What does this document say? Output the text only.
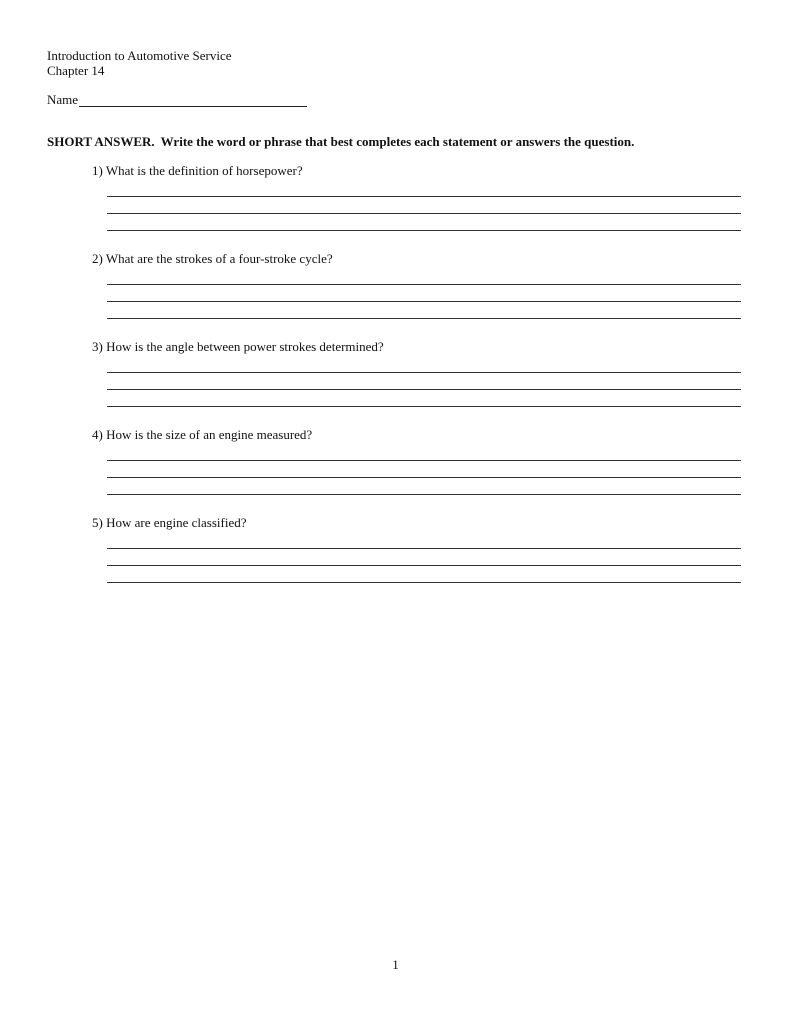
Introduction to Automotive Service
Chapter 14
Name
SHORT ANSWER. Write the word or phrase that best completes each statement or answers the question.
1) What is the definition of horsepower?
2) What are the strokes of a four-stroke cycle?
3) How is the angle between power strokes determined?
4) How is the size of an engine measured?
5) How are engine classified?
1
